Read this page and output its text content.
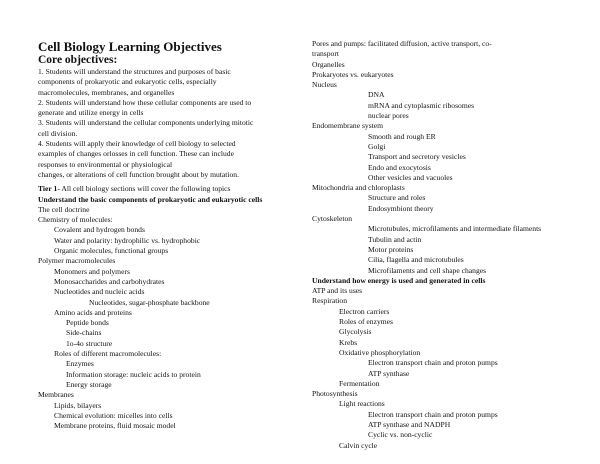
Cell Biology Learning Objectives
Core objectives:
1. Students will understand the structures and purposes of basic
components of prokaryotic and eukaryotic cells, especially
macromolecules, membranes, and organelles
2. Students will understand how these cellular components are used to
generate and utilize energy in cells
3. Students will understand the cellular components underlying mitotic
cell division.
4. Students will apply their knowledge of cell biology to selected
examples of changes orlosses in cell function. These can include
responses to environmental or physiological
changes, or alterations of cell function brought about by mutation.
Tier 1- All cell biology sections will cover the following topics
Understand the basic components of prokaryotic and eukaryotic cells
The cell doctrine
Chemistry of molecules:
Covalent and hydrogen bonds
Water and polarity: hydrophilic vs. hydrophobic
Organic molecules, functional groups
Polymer macromolecules
Monomers and polymers
Monosaccharides and carbohydrates
Nucleotides and nucleic acids
Nucleotides, sugar-phosphate backbone
Amino acids and proteins
Peptide bonds
Side-chains
1o-4o structure
Roles of different macromolecules:
Enzymes
Information storage: nucleic acids to protein
Energy storage
Membranes
Lipids, bilayers
Chemical evolution: micelles into cells
Membrane proteins, fluid mosaic model
Pores and pumps: facilitated diffusion, active transport, co-
transport
Organelles
Prokaryotes vs. eukaryotes
Nucleus
DNA
mRNA and cytoplasmic ribosomes
nuclear pores
Endomembrane system
Smooth and rough ER
Golgi
Transport and secretory vesicles
Endo and exocytosis
Other vesicles and vacuoles
Mitochondria and chloroplasts
Structure and roles
Endosymbiont theory
Cytoskeleton
Microtubules, microfilaments and intermediate filaments
Tubulin and actin
Motor proteins
Cilia, flagella and microtubules
Microfilaments and cell shape changes
Understand how energy is used and generated in cells
ATP and its uses
Respiration
Electron carriers
Roles of enzymes
Glycolysis
Krebs
Oxidative phosphorylation
Electron transport chain and proton pumps
ATP synthase
Fermentation
Photosynthesis
Light reactions
Electron transport chain and proton pumps
ATP synthase and NADPH
Cyclic vs. non-cyclic
Calvin cycle
